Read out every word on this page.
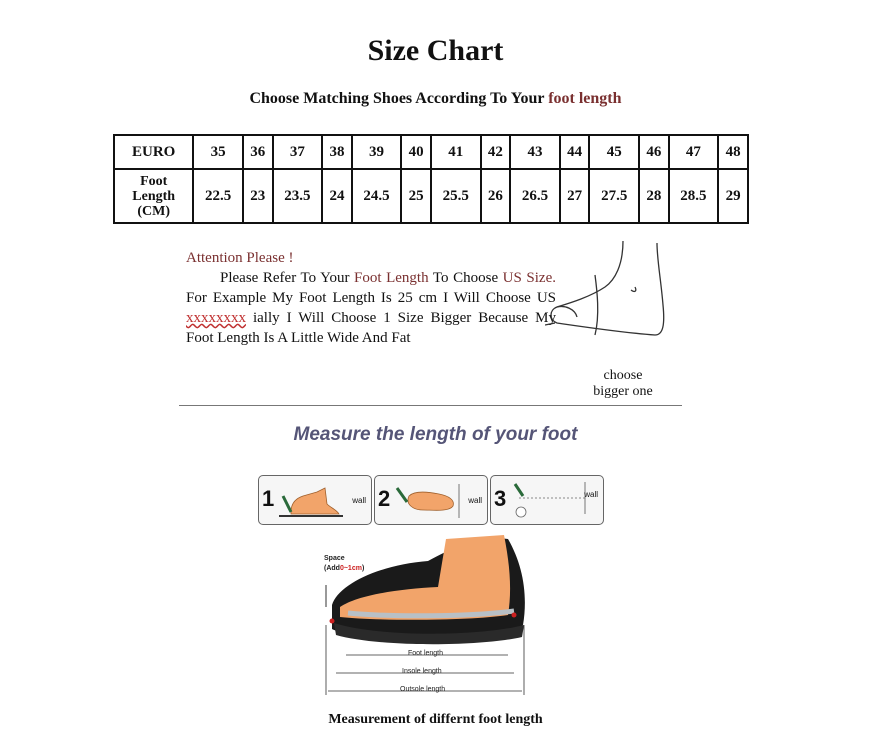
Size Chart
Choose Matching Shoes According To Your foot length
EURO	35	36	37	38	39	40	41	42	43	44	45	46	47	48
Foot
Length
(CM)	22.5	23	23.5	24	24.5	25	25.5	26	26.5	27	27.5	28	28.5	29
Attention Please !
Please Refer To Your Foot Length To Choose US Size. For Example My Foot Length Is 25 cm I Will Choose US xxxxxxxx ially I Will Choose 1 Size Bigger Because My Foot Length Is A Little Wide And Fat
choose
bigger one
Measure the length of your foot
1	wall 2	wall 3	wall
Space
(Add0~1cm)
Foot length
Insole length
Outsole length
Measurement of differnt foot length
